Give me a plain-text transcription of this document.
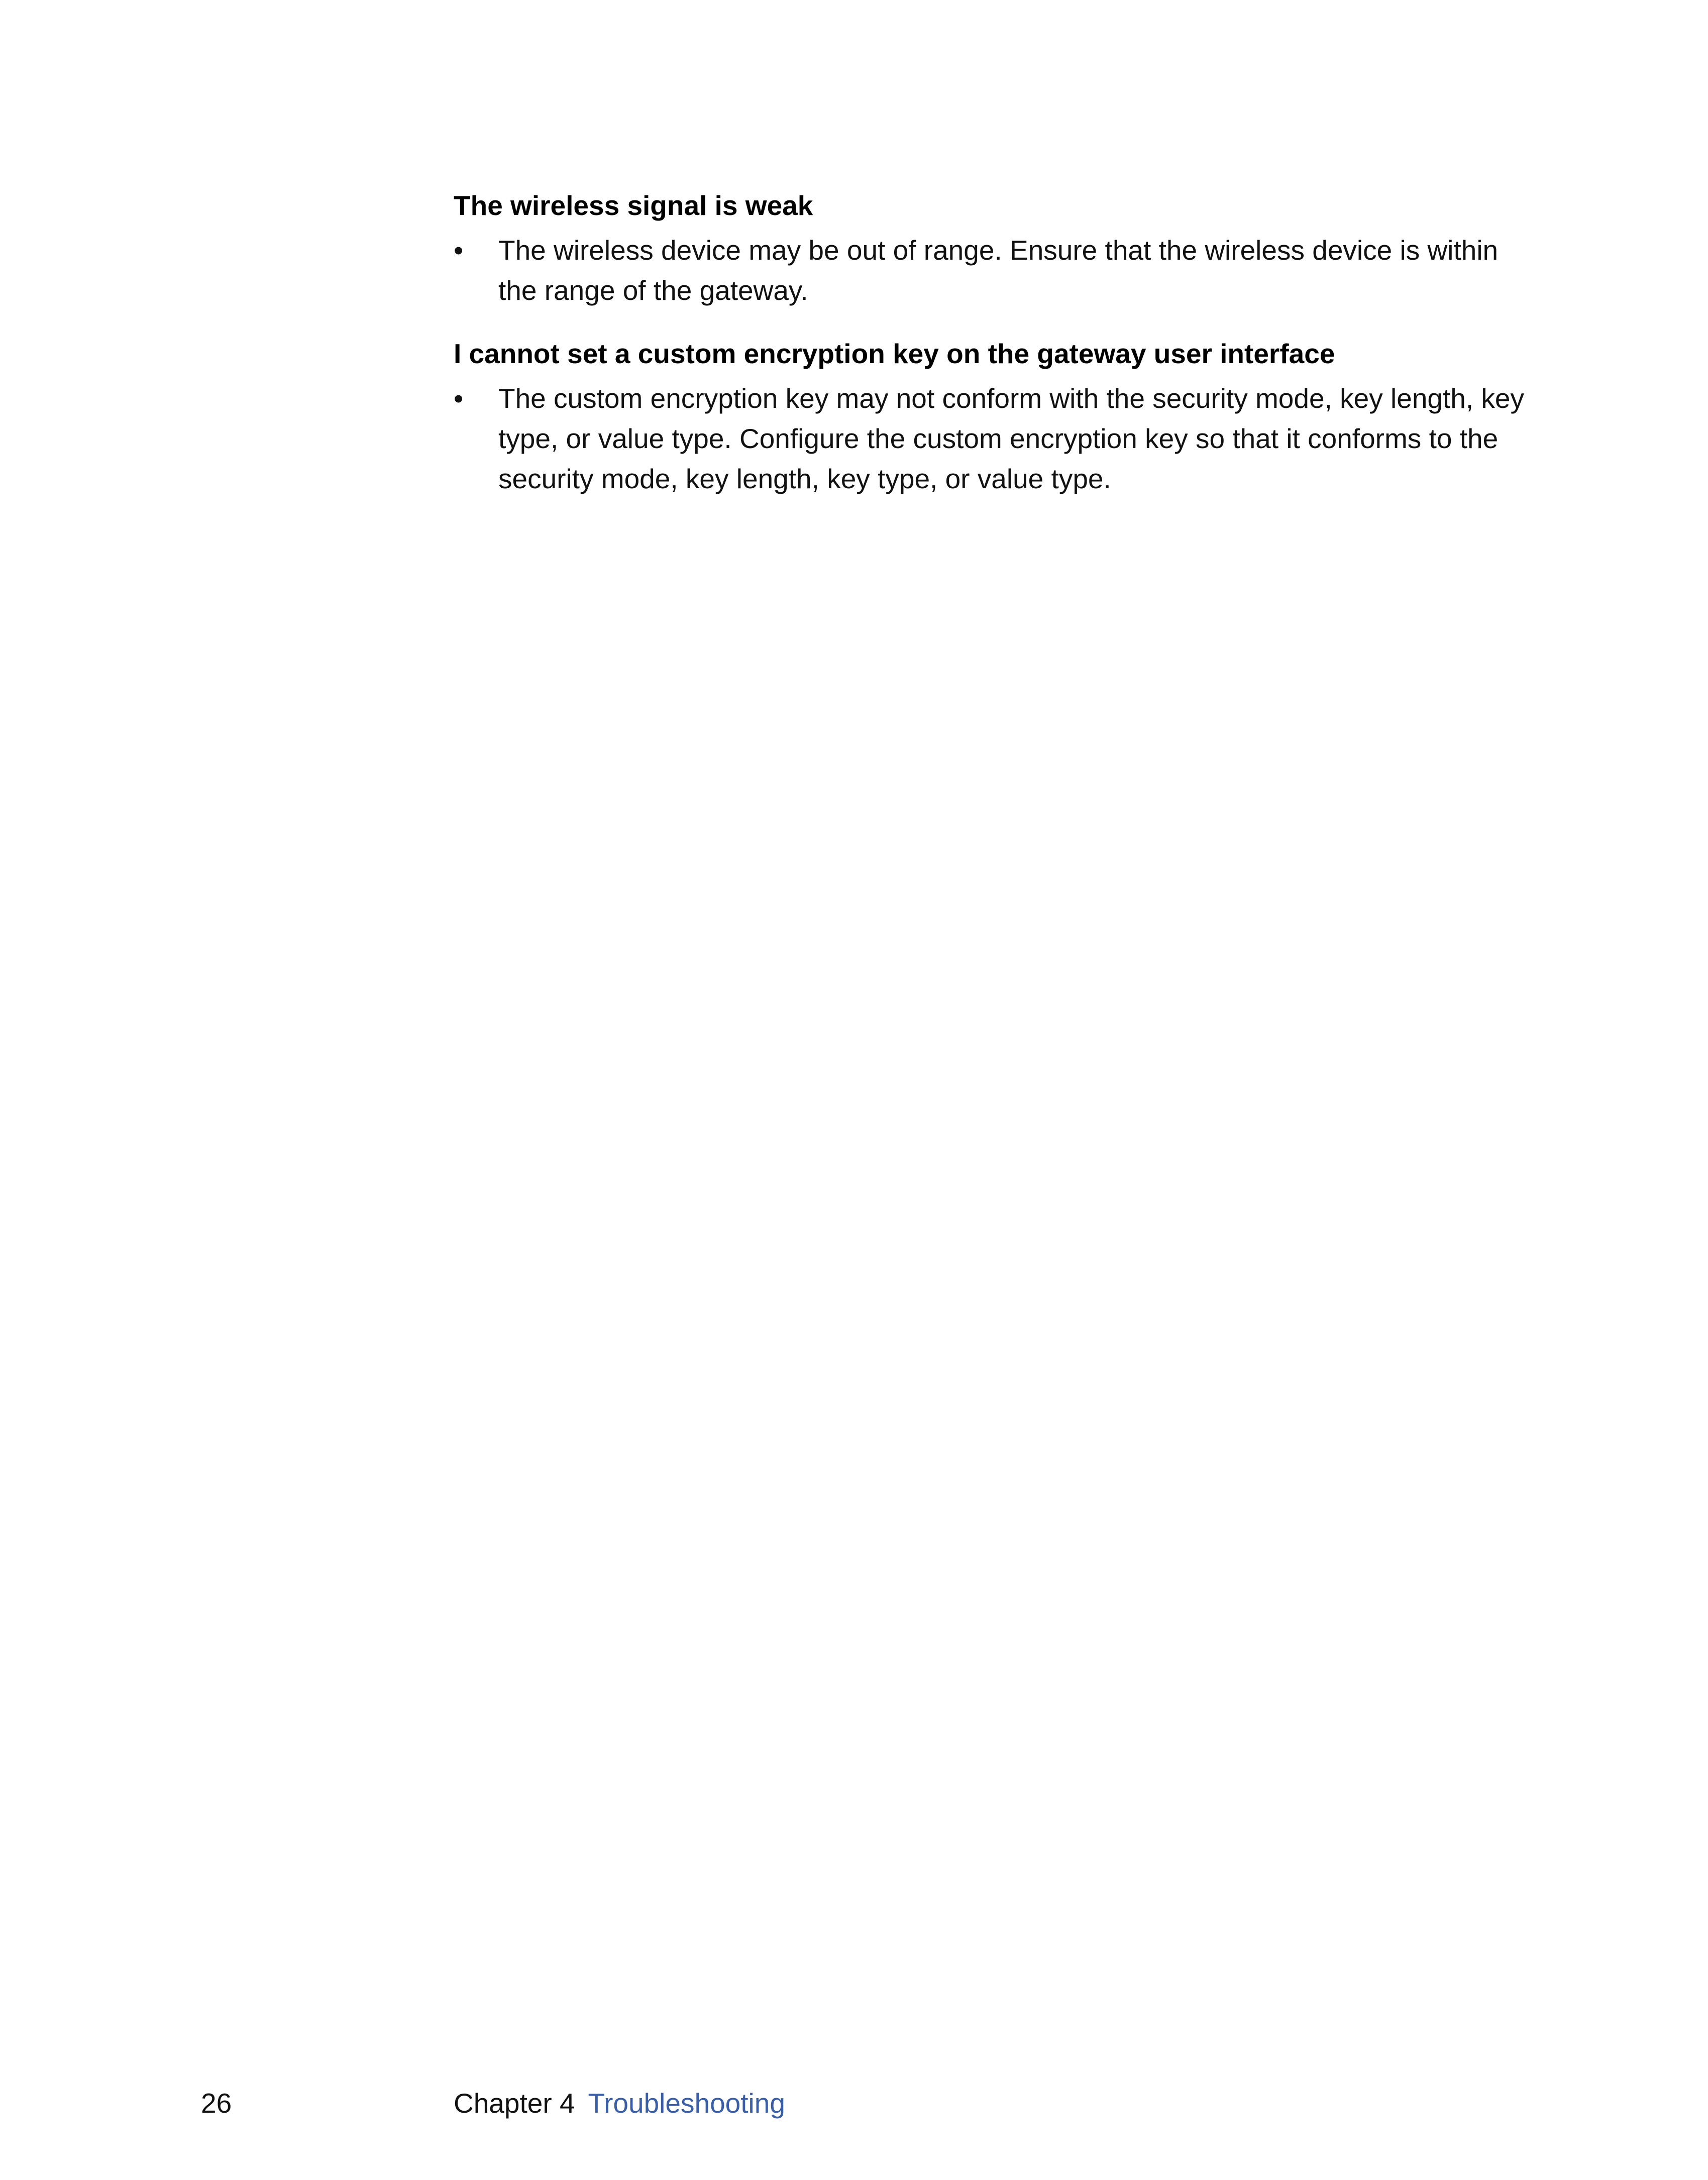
The wireless signal is weak
• The wireless device may be out of range. Ensure that the wireless device is within the range of the gateway.
I cannot set a custom encryption key on the gateway user interface
• The custom encryption key may not conform with the security mode, key length, key type, or value type. Configure the custom encryption key so that it conforms to the security mode, key length, key type, or value type.
26	Chapter 4 Troubleshooting
